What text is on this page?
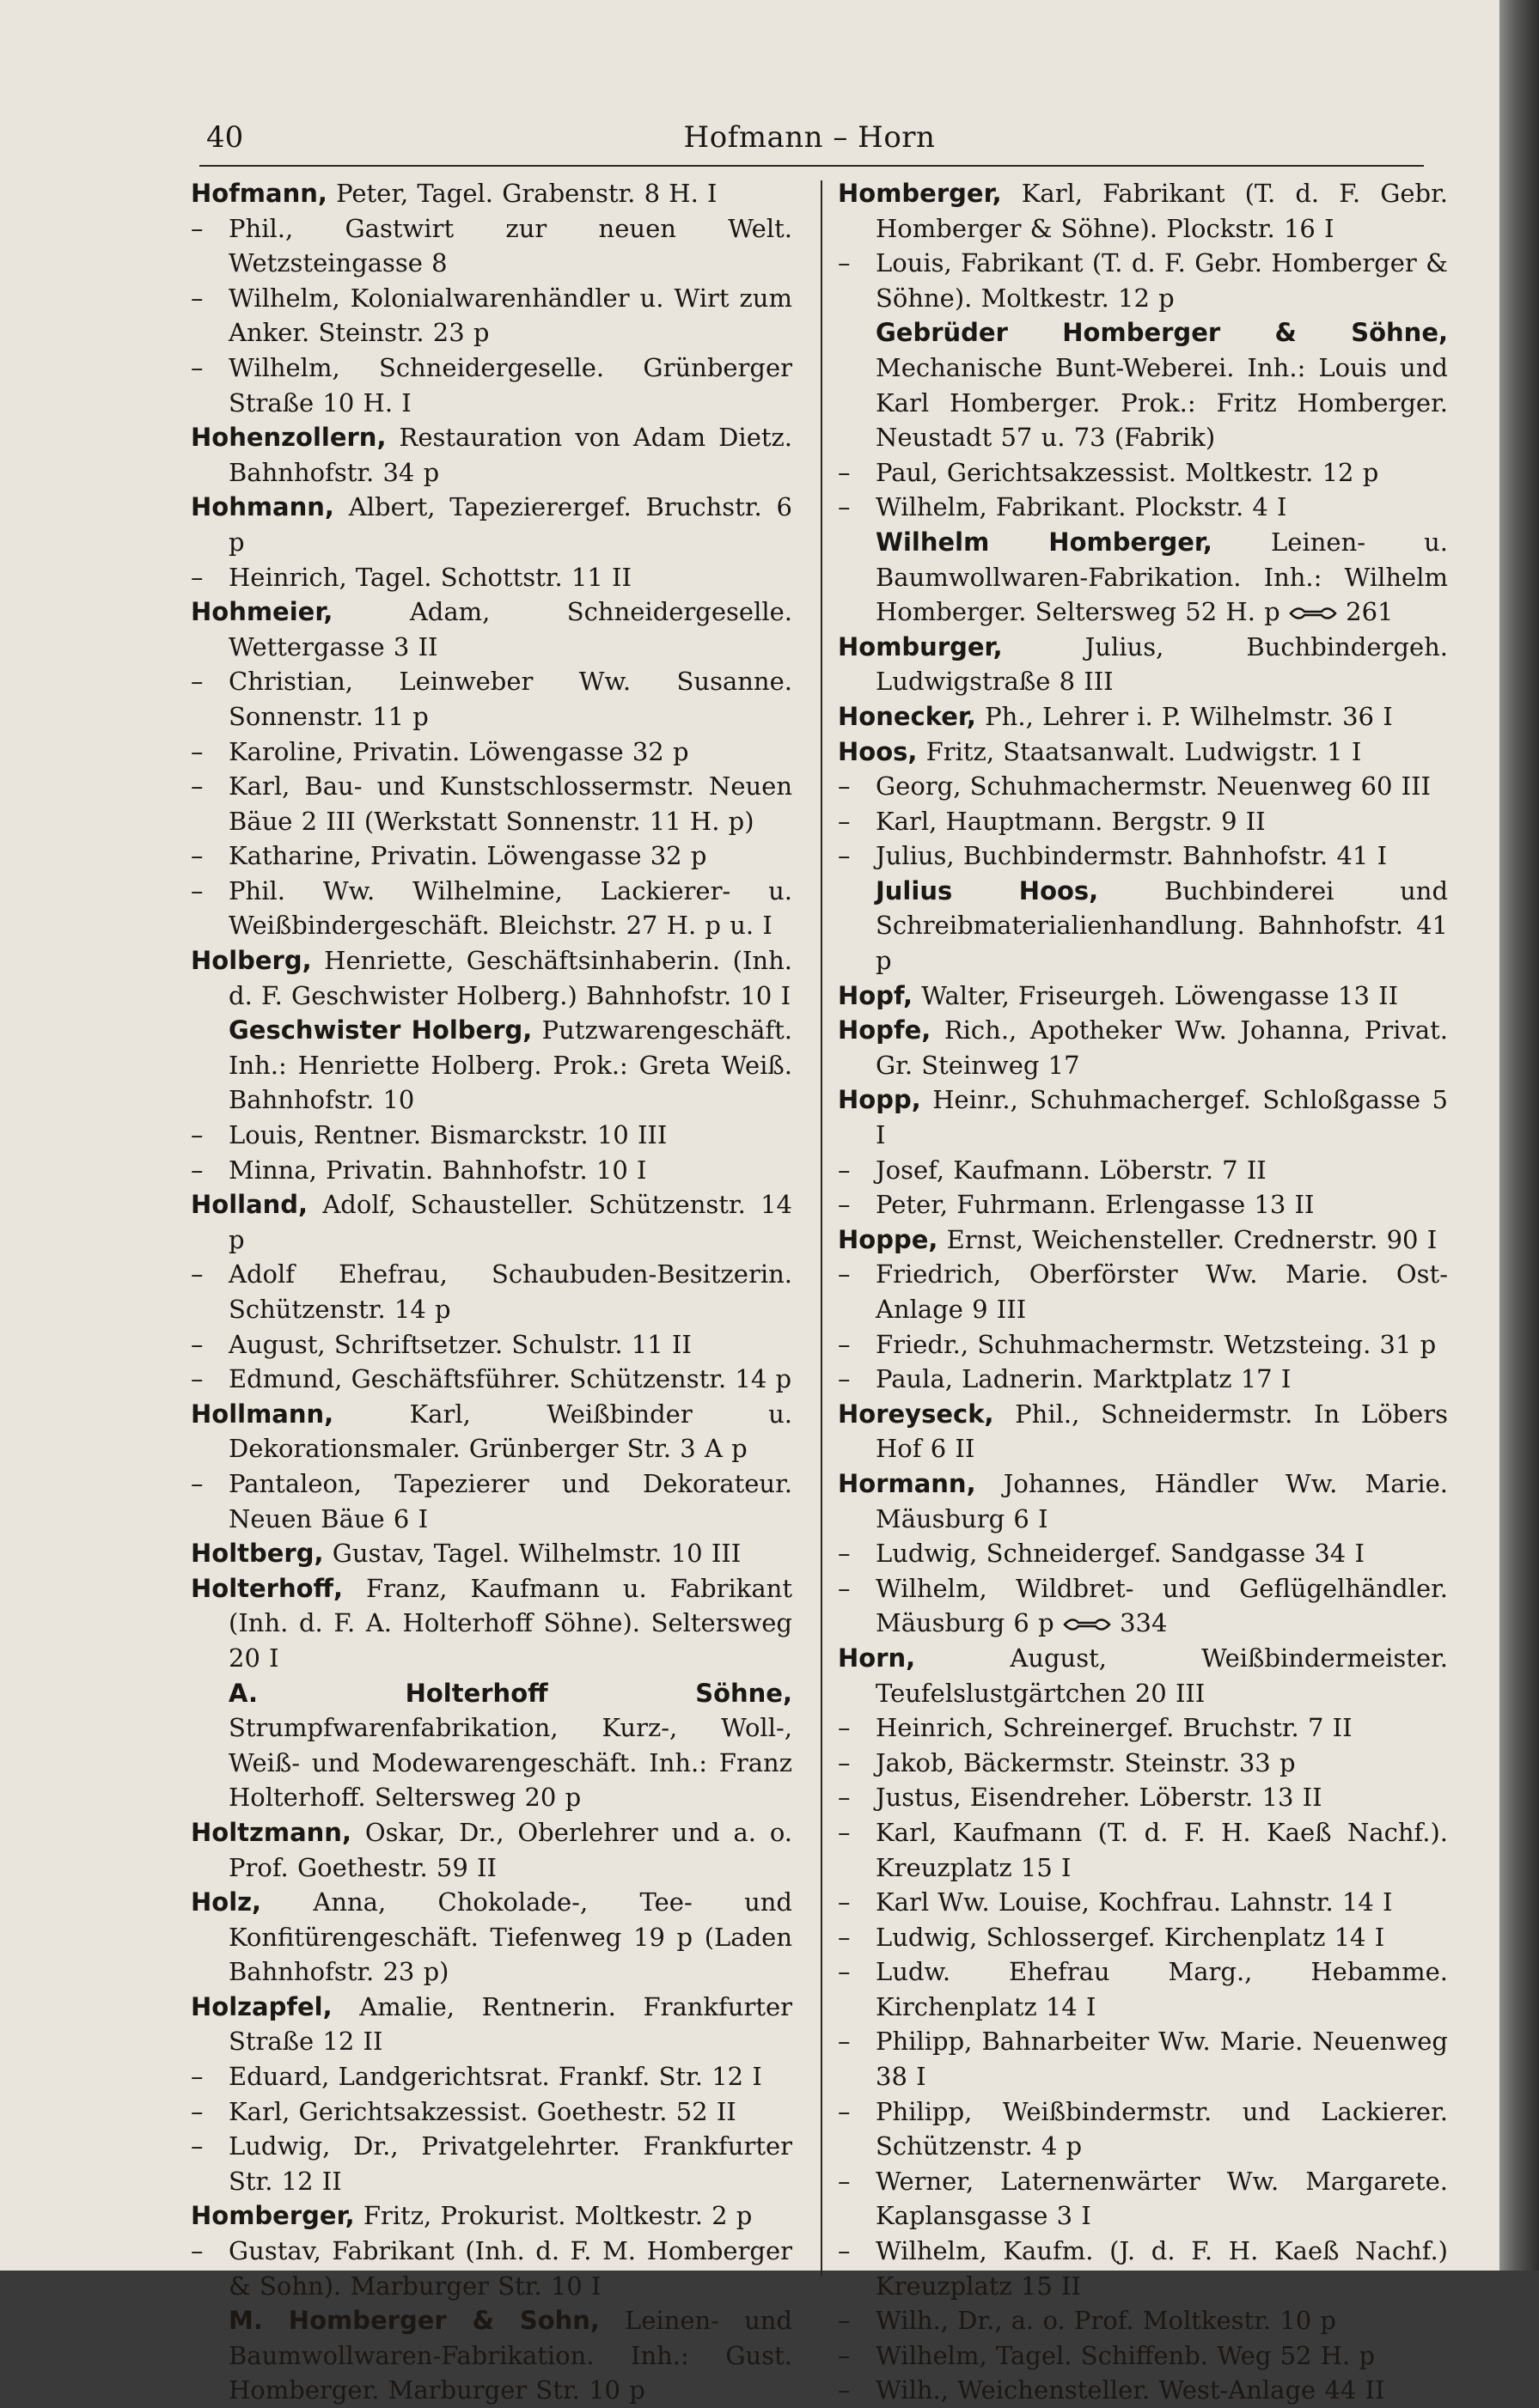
40	Hofmann – Horn
Hofmann, Peter, Tagel. Grabenstr. 8 H. I
– Phil., Gastwirt zur neuen Welt. Wetzsteingasse 8
– Wilhelm, Kolonialwarenhändler u. Wirt zum Anker. Steinstr. 23 p
– Wilhelm, Schneidergeselle. Grünberger Straße 10 H. I
Hohenzollern, Restauration von Adam Dietz. Bahnhofstr. 34 p
Hohmann, Albert, Tapezierergef. Bruchstr. 6 p
– Heinrich, Tagel. Schottstr. 11 II
Hohmeier,	Adam, Schneidergeselle. Wettergasse 3 II
– Christian, Leinweber Ww. Susanne. Sonnenstr. 11 p
– Karoline, Privatin. Löwengasse 32 p
– Karl, Bau- und Kunstschlossermstr. Neuen Bäue 2 III (Werkstatt Sonnenstr. 11 H. p)
– Katharine, Privatin. Löwengasse 32 p
– Phil. Ww. Wilhelmine, Lackierer- u. Weißbindergeschäft. Bleichstr. 27 H. p u. I
Holberg, Henriette, Geschäftsinhaberin. (Inh. d. F. Geschwister Holberg.) Bahnhofstr. 10 I
Geschwister Holberg, Putzwarengeschäft. Inh.: Henriette Holberg. Prok.: Greta Weiß. Bahnhofstr. 10
– Louis, Rentner. Bismarckstr. 10 III
– Minna, Privatin. Bahnhofstr. 10 I
Holland, Adolf, Schausteller. Schützenstr. 14 p
– Adolf Ehefrau, Schaubuden-Besitzerin. Schützenstr. 14 p
– August, Schriftsetzer. Schulstr. 11 II
– Edmund, Geschäftsführer. Schützenstr. 14 p
Hollmann,	Karl, Weißbinder u. Dekorationsmaler. Grünberger Str. 3 A p
– Pantaleon, Tapezierer und Dekorateur. Neuen Bäue 6 I
Holtberg, Gustav, Tagel. Wilhelmstr. 10 III
Holterhoff, Franz, Kaufmann u. Fabrikant (Inh. d. F. A. Holterhoff Söhne). Seltersweg 20 I
A. Holterhoff Söhne, Strumpfwarenfabrikation, Kurz-, Woll-, Weiß- und Modewarengeschäft. Inh.: Franz Holterhoff. Seltersweg 20 p
Holtzmann, Oskar, Dr., Oberlehrer und a. o. Prof. Goethestr. 59 II
Holz, Anna, Chokolade-, Tee- und Konfitürengeschäft. Tiefenweg 19 p (Laden Bahnhofstr. 23 p)
Holzapfel, Amalie, Rentnerin. Frankfurter Straße 12 II
– Eduard, Landgerichtsrat. Frankf. Str. 12 I
– Karl, Gerichtsakzessist. Goethestr. 52 II
– Ludwig, Dr., Privatgelehrter. Frankfurter Str. 12 II
Homberger, Fritz, Prokurist. Moltkestr. 2 p
– Gustav, Fabrikant (Inh. d. F. M. Homberger & Sohn). Marburger Str. 10 I
M. Homberger & Sohn, Leinen- und Baumwollwaren-Fabrikation. Inh.: Gust. Homberger. Marburger Str. 10 p
Homberger, Karl, Fabrikant (T. d. F. Gebr. Homberger & Söhne). Plockstr. 16 I
– Louis, Fabrikant (T. d. F. Gebr. Homberger & Söhne). Moltkestr. 12 p
Gebrüder Homberger & Söhne, Mechanische Bunt-Weberei. Inh.: Louis und Karl Homberger. Prok.: Fritz Homberger. Neustadt 57 u. 73 (Fabrik)
– Paul, Gerichtsakzessist. Moltkestr. 12 p
– Wilhelm, Fabrikant. Plockstr. 4 I
Wilhelm Homberger, Leinen- u. Baumwollwaren-Fabrikation. Inh.: Wilhelm Homberger. Seltersweg 52 H. p  261
Homburger,	Julius, Buchbindergeh. Ludwigstraße 8 III
Honecker, Ph., Lehrer i. P. Wilhelmstr. 36 I
Hoos, Fritz, Staatsanwalt. Ludwigstr. 1 I
– Georg, Schuhmachermstr. Neuenweg 60 III
– Karl, Hauptmann. Bergstr. 9 II
– Julius, Buchbindermstr. Bahnhofstr. 41 I
Julius Hoos,	Buchbinderei und Schreibmaterialienhandlung. Bahnhofstr. 41 p
Hopf, Walter, Friseurgeh. Löwengasse 13 II
Hopfe, Rich., Apotheker Ww. Johanna, Privat. Gr. Steinweg 17
Hopp, Heinr., Schuhmachergef. Schloßgasse 5 I
– Josef, Kaufmann. Löberstr. 7 II
– Peter, Fuhrmann. Erlengasse 13 II
Hoppe, Ernst, Weichensteller. Crednerstr. 90 I
– Friedrich, Oberförster Ww. Marie. Ost-Anlage 9 III
– Friedr., Schuhmachermstr. Wetzsteing. 31 p
– Paula, Ladnerin. Marktplatz 17 I
Horeyseck, Phil., Schneidermstr. In Löbers Hof 6 II
Hormann, Johannes, Händler Ww. Marie. Mäusburg 6 I
– Ludwig, Schneidergef. Sandgasse 34 I
– Wilhelm, Wildbret- und Geflügelhändler. Mäusburg 6 p  334
Horn,	August, Weißbindermeister. Teufelslustgärtchen 20 III
– Heinrich, Schreinergef. Bruchstr. 7 II
– Jakob, Bäckermstr. Steinstr. 33 p
– Justus, Eisendreher. Löberstr. 13 II
– Karl, Kaufmann (T. d. F. H. Kaeß Nachf.). Kreuzplatz 15 I
– Karl Ww. Louise, Kochfrau. Lahnstr. 14 I
– Ludwig, Schlossergef. Kirchenplatz 14 I
– Ludw. Ehefrau Marg., Hebamme. Kirchenplatz 14 I
– Philipp, Bahnarbeiter Ww. Marie. Neuenweg 38 I
– Philipp, Weißbindermstr. und Lackierer. Schützenstr. 4 p
– Werner, Laternenwärter Ww. Margarete. Kaplansgasse 3 I
– Wilhelm, Kaufm. (J. d. F. H. Kaeß Nachf.) Kreuzplatz 15 II
– Wilh., Dr., a. o. Prof. Moltkestr. 10 p
– Wilhelm, Tagel. Schiffenb. Weg 52 H. p
– Wilh., Weichensteller. West-Anlage 44 II
